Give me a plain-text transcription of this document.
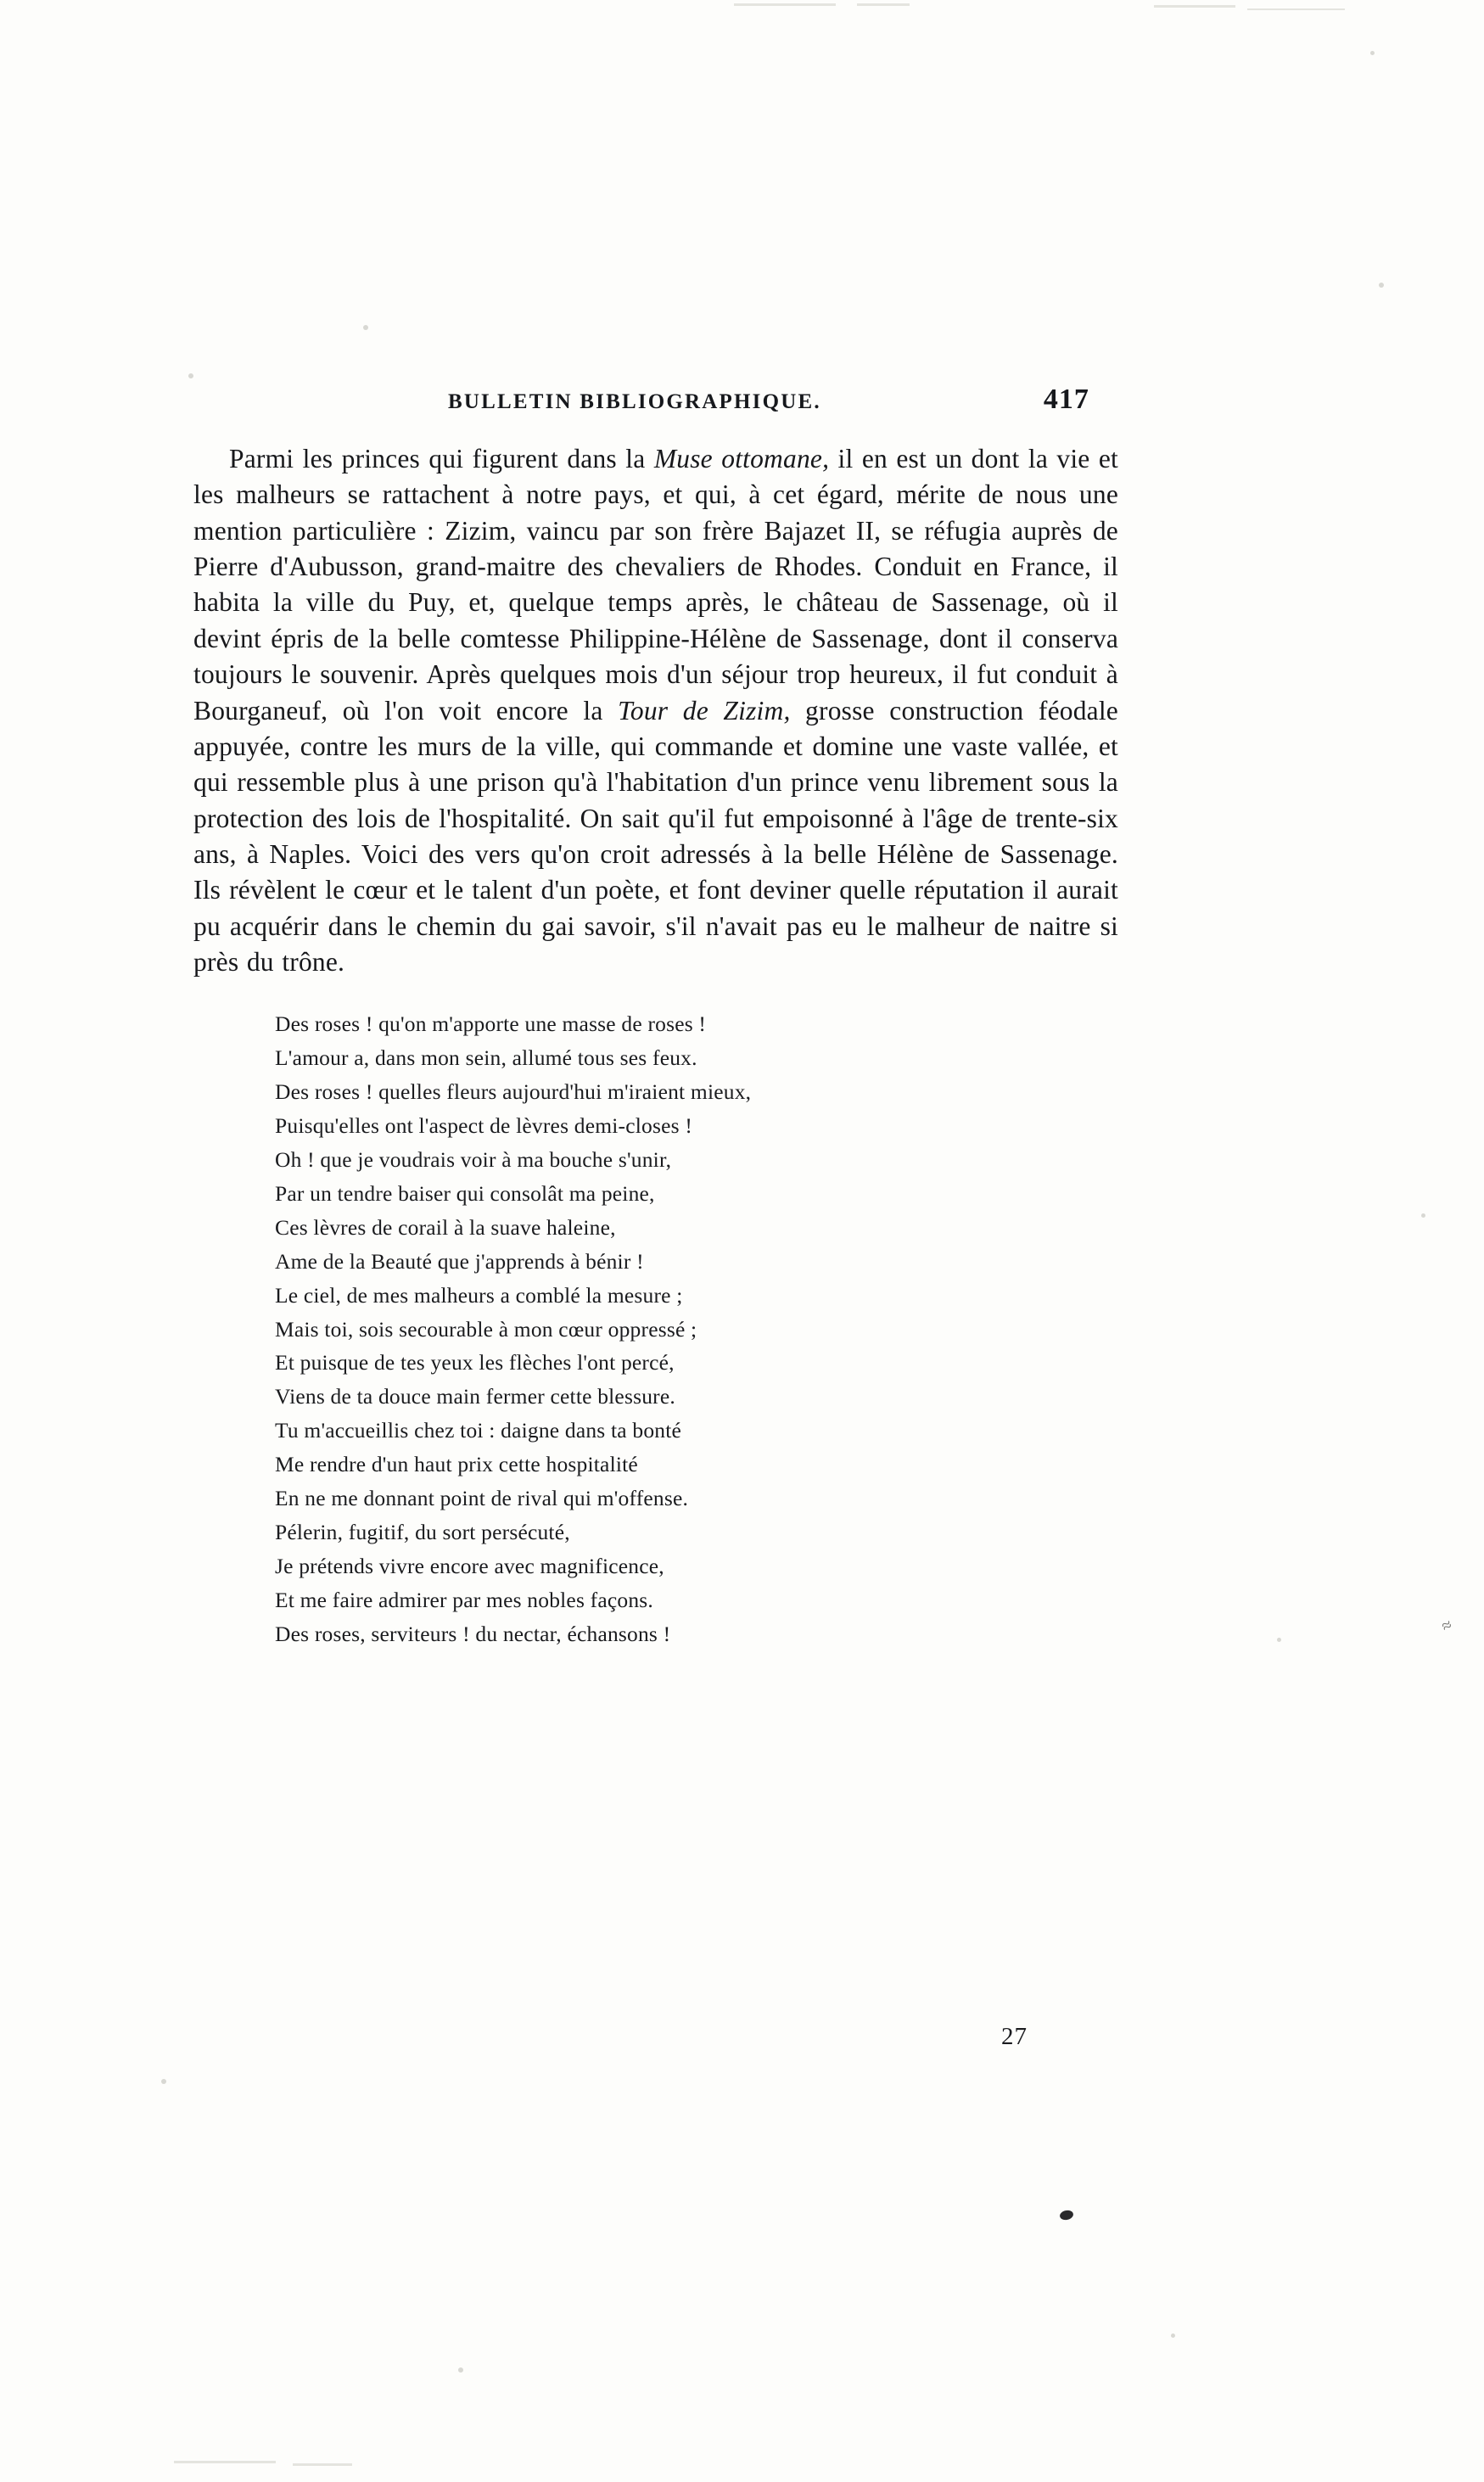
≈
BULLETIN BIBLIOGRAPHIQUE.	417
Parmi les princes qui figurent dans la Muse ottomane, il en est un dont la vie et les malheurs se rattachent à notre pays, et qui, à cet égard, mérite de nous une mention particulière : Zizim, vaincu par son frère Bajazet II, se réfugia auprès de Pierre d'Aubusson, grand-maitre des chevaliers de Rhodes. Conduit en France, il habita la ville du Puy, et, quelque temps après, le château de Sassenage, où il devint épris de la belle comtesse Philippine-Hélène de Sassenage, dont il conserva toujours le souvenir. Après quelques mois d'un séjour trop heureux, il fut conduit à Bourganeuf, où l'on voit encore la Tour de Zizim, grosse construction féodale appuyée, contre les murs de la ville, qui commande et domine une vaste vallée, et qui ressemble plus à une prison qu'à l'habitation d'un prince venu librement sous la protection des lois de l'hospitalité. On sait qu'il fut empoisonné à l'âge de trente-six ans, à Naples. Voici des vers qu'on croit adressés à la belle Hélène de Sassenage. Ils révèlent le cœur et le talent d'un poète, et font deviner quelle réputation il aurait pu acquérir dans le chemin du gai savoir, s'il n'avait pas eu le malheur de naitre si près du trône.
Des roses ! qu'on m'apporte une masse de roses !
L'amour a, dans mon sein, allumé tous ses feux.
Des roses ! quelles fleurs aujourd'hui m'iraient mieux,
Puisqu'elles ont l'aspect de lèvres demi-closes !
Oh ! que je voudrais voir à ma bouche s'unir,
Par un tendre baiser qui consolât ma peine,
Ces lèvres de corail à la suave haleine,
Ame de la Beauté que j'apprends à bénir !
Le ciel, de mes malheurs a comblé la mesure ;
Mais toi, sois secourable à mon cœur oppressé ;
Et puisque de tes yeux les flèches l'ont percé,
Viens de ta douce main fermer cette blessure.
Tu m'accueillis chez toi : daigne dans ta bonté
Me rendre d'un haut prix cette hospitalité
En ne me donnant point de rival qui m'offense.
Pélerin, fugitif, du sort persécuté,
Je prétends vivre encore avec magnificence,
Et me faire admirer par mes nobles façons.
Des roses, serviteurs ! du nectar, échansons !
27
